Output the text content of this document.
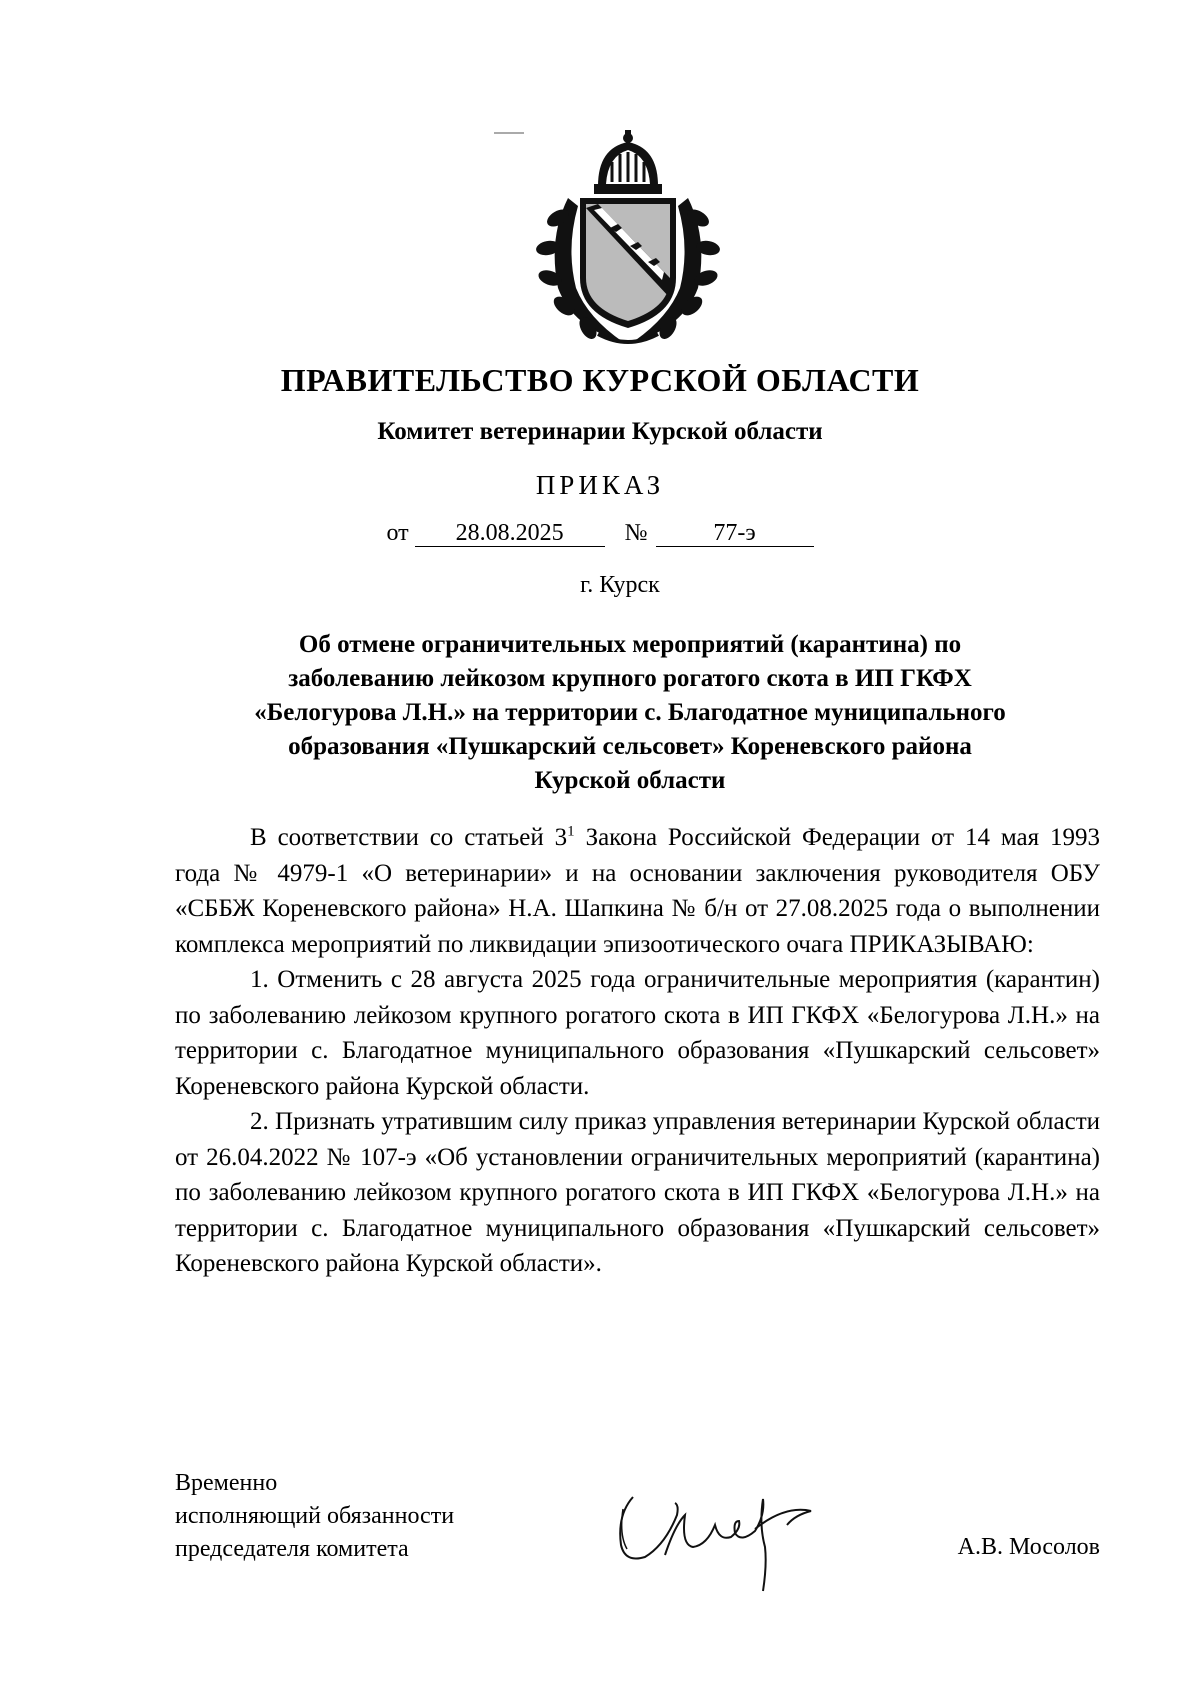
ПРАВИТЕЛЬСТВО КУРСКОЙ ОБЛАСТИ
Комитет ветеринарии Курской области
ПРИКАЗ
от 28.08.2025	№	77-э
г. Курск
Об отмене ограничительных мероприятий (карантина) по
заболеванию лейкозом крупного рогатого скота в ИП ГКФХ
«Белогурова Л.Н.» на территории с. Благодатное муниципального
образования «Пушкарский сельсовет» Кореневского района
Курской области

В соответствии со статьей $3^1$ Закона Российской Федерации от 14 мая 1993 года № 4979-1 «О ветеринарии» и на основании заключения руководителя ОБУ «СББЖ Кореневского района» Н.А. Шапкина № б/н от 27.08.2025 года о выполнении комплекса мероприятий по ликвидации эпизоотического очага ПРИКАЗЫВАЮ:

1. Отменить с 28 августа 2025 года ограничительные мероприятия (карантин) по заболеванию лейкозом крупного рогатого скота в ИП ГКФХ «Белогурова Л.Н.» на территории с. Благодатное муниципального образования «Пушкарский сельсовет» Кореневского района Курской области.

2. Признать утратившим силу приказ управления ветеринарии Курской области от 26.04.2022 № 107-э «Об установлении ограничительных мероприятий (карантина) по заболеванию лейкозом крупного рогатого скота в ИП ГКФХ «Белогурова Л.Н.» на территории с. Благодатное муниципального образования «Пушкарский сельсовет» Кореневского района Курской области».

Временно
исполняющий обязанности
председателя комитета	А.В. Мосолов
